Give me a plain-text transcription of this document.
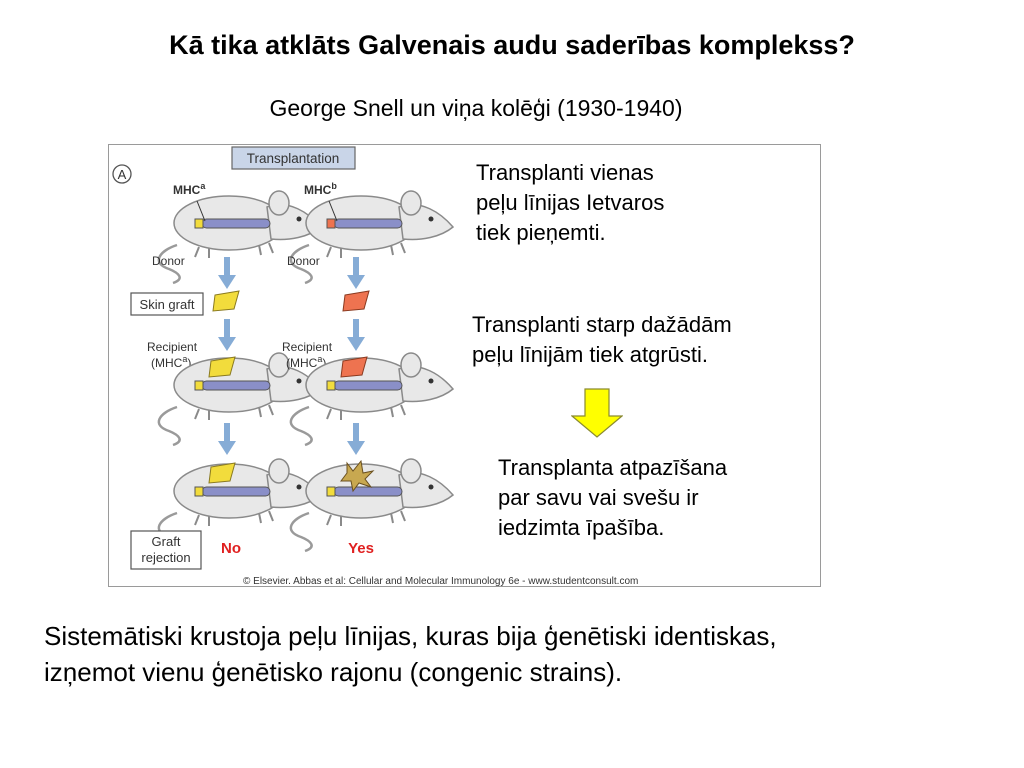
Kā tika atklāts Galvenais audu saderības komplekss?
George Snell un viņa kolēģi (1930-1940)
A
Transplantation
MHC$^a$
Donor
Skin graft
Recipient
(MHC$^a$)
Graft
rejection
No
MHC$^b$
Donor
Recipient
(MHC$^a$)
Yes
© Elsevier. Abbas et al: Cellular and Molecular Immunology 6e - www.studentconsult.com
Transplanti vienas
peļu līnijas Ietvaros
tiek pieņemti.
Transplanti starp dažādām
peļu līnijām tiek atgrūsti.
Transplanta atpazīšana
par savu vai svešu ir
iedzimta īpašība.
Sistemātiski krustoja peļu līnijas, kuras bija ģenētiski identiskas,
izņemot vienu ģenētisko rajonu (congenic strains).
